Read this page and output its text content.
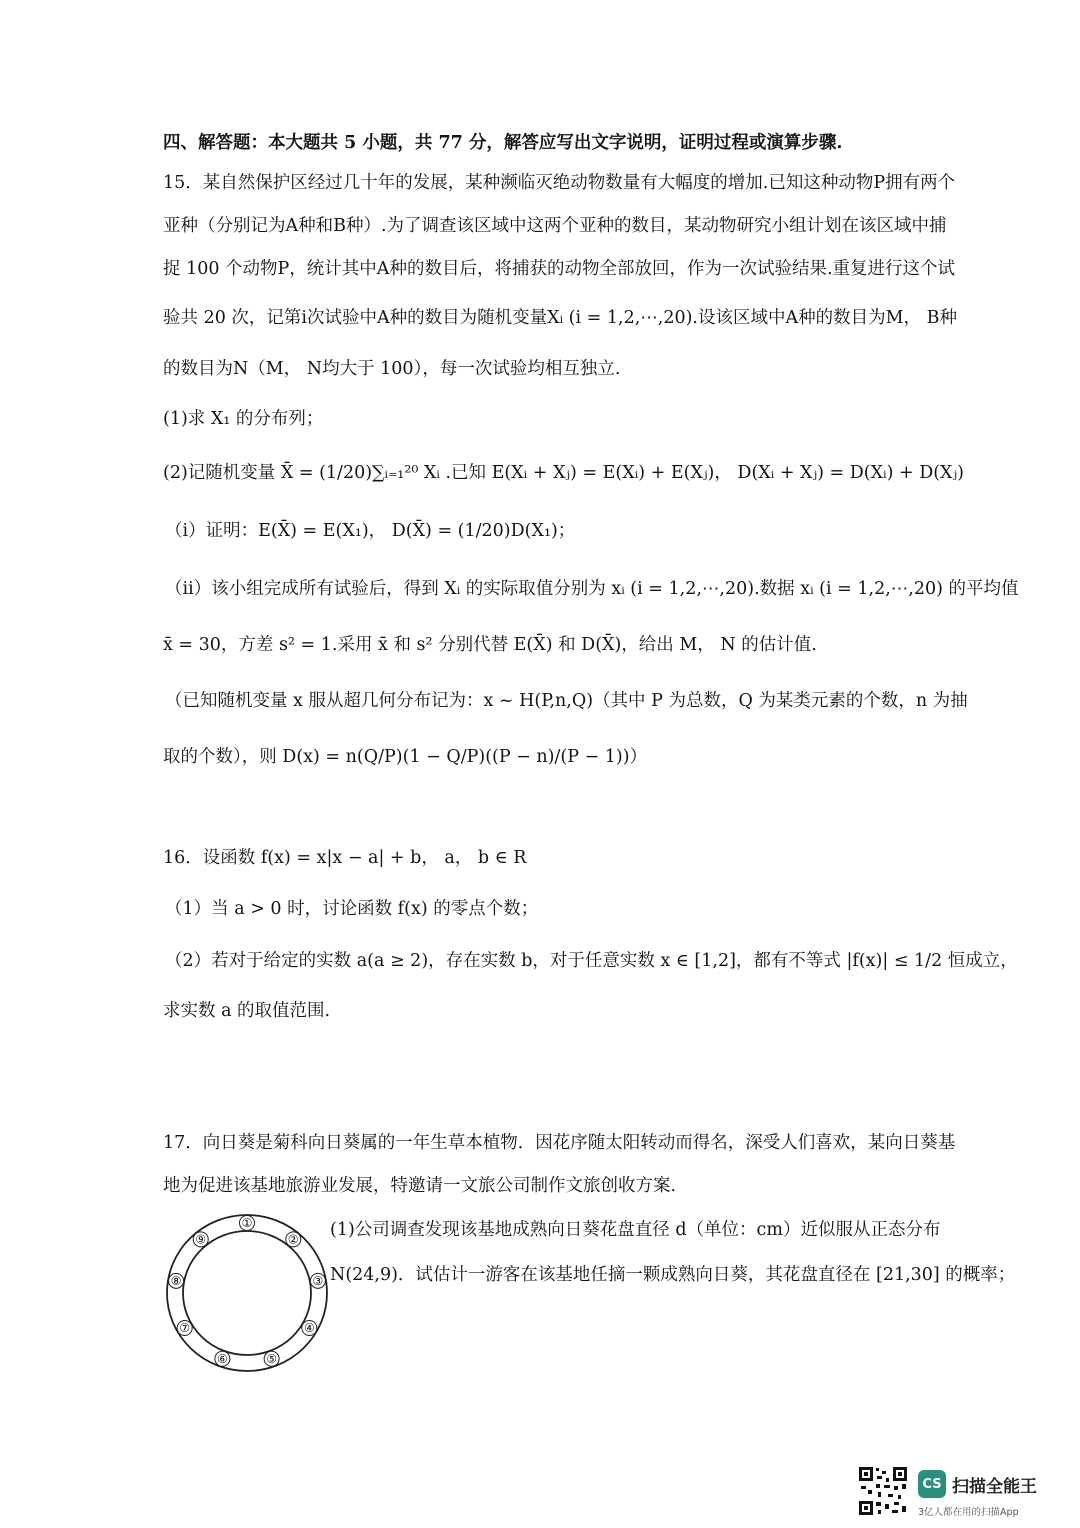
四、解答题：本大题共 5 小题，共 77 分，解答应写出文字说明，证明过程或演算步骤.
15．某自然保护区经过几十年的发展，某种濒临灭绝动物数量有大幅度的增加.已知这种动物P拥有两个
亚种（分别记为A种和B种）.为了调查该区域中这两个亚种的数目，某动物研究小组计划在该区域中捕
捉 100 个动物P，统计其中A种的数目后，将捕获的动物全部放回，作为一次试验结果.重复进行这个试
验共 20 次，记第i次试验中A种的数目为随机变量Xᵢ (i = 1,2,⋯,20).设该区域中A种的数目为M， B种
的数目为N（M， N均大于 100），每一次试验均相互独立.
(1)求 X₁ 的分布列；
(2)记随机变量 X̄ = (1/20)∑ᵢ₌₁²⁰ Xᵢ .已知 E(Xᵢ + Xⱼ) = E(Xᵢ) + E(Xⱼ)， D(Xᵢ + Xⱼ) = D(Xᵢ) + D(Xⱼ)
（i）证明：E(X̄) = E(X₁)， D(X̄) = (1/20)D(X₁)；
（ii）该小组完成所有试验后，得到 Xᵢ 的实际取值分别为 xᵢ (i = 1,2,⋯,20).数据 xᵢ (i = 1,2,⋯,20) 的平均值
x̄ = 30，方差 s² = 1.采用 x̄ 和 s² 分别代替 E(X̄) 和 D(X̄)，给出 M， N 的估计值.
（已知随机变量 x 服从超几何分布记为：x ~ H(P,n,Q)（其中 P 为总数，Q 为某类元素的个数，n 为抽
取的个数），则 D(x) = n(Q/P)(1 − Q/P)((P − n)/(P − 1))）
16．设函数 f(x) = x|x − a| + b， a， b ∈ R
（1）当 a > 0 时，讨论函数 f(x) 的零点个数；
（2）若对于给定的实数 a(a ≥ 2)，存在实数 b，对于任意实数 x ∈ [1,2]，都有不等式 |f(x)| ≤ 1/2 恒成立，
求实数 a 的取值范围.
17．向日葵是菊科向日葵属的一年生草本植物．因花序随太阳转动而得名，深受人们喜欢，某向日葵基
地为促进该基地旅游业发展，特邀请一文旅公司制作文旅创收方案.
(1)公司调查发现该基地成熟向日葵花盘直径 d（单位：cm）近似服从正态分布
N(24,9)．试估计一游客在该基地任摘一颗成熟向日葵，其花盘直径在 [21,30] 的概率；
①
②
③
④
⑤
⑥
⑦
⑧
⑨
CS 扫描全能王
3亿人都在用的扫描App
